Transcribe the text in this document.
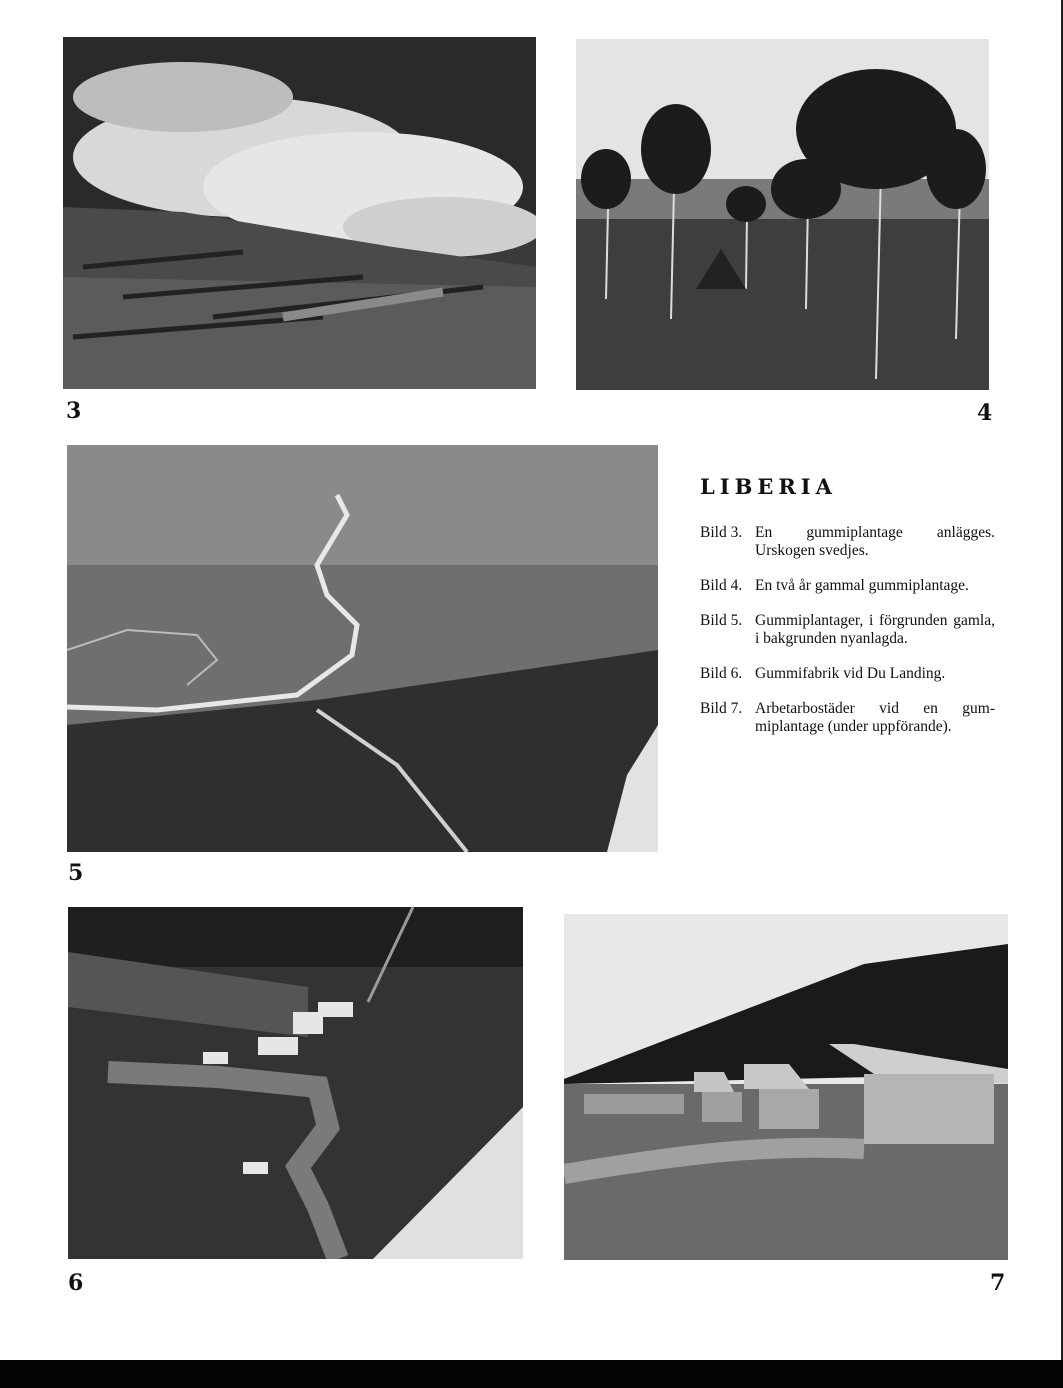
3	4
5
LIBERIA
Bild 3. En gummiplantage anlägges. Urskogen svedjes.
Bild 4. En två år gammal gummiplantage.
Bild 5. Gummiplantager, i förgrunden gamla, i bakgrunden nyanlagda.
Bild 6. Gummifabrik vid Du Landing.
Bild 7. Arbetarbostäder vid en gummiplantage (under uppförande).
6	7
